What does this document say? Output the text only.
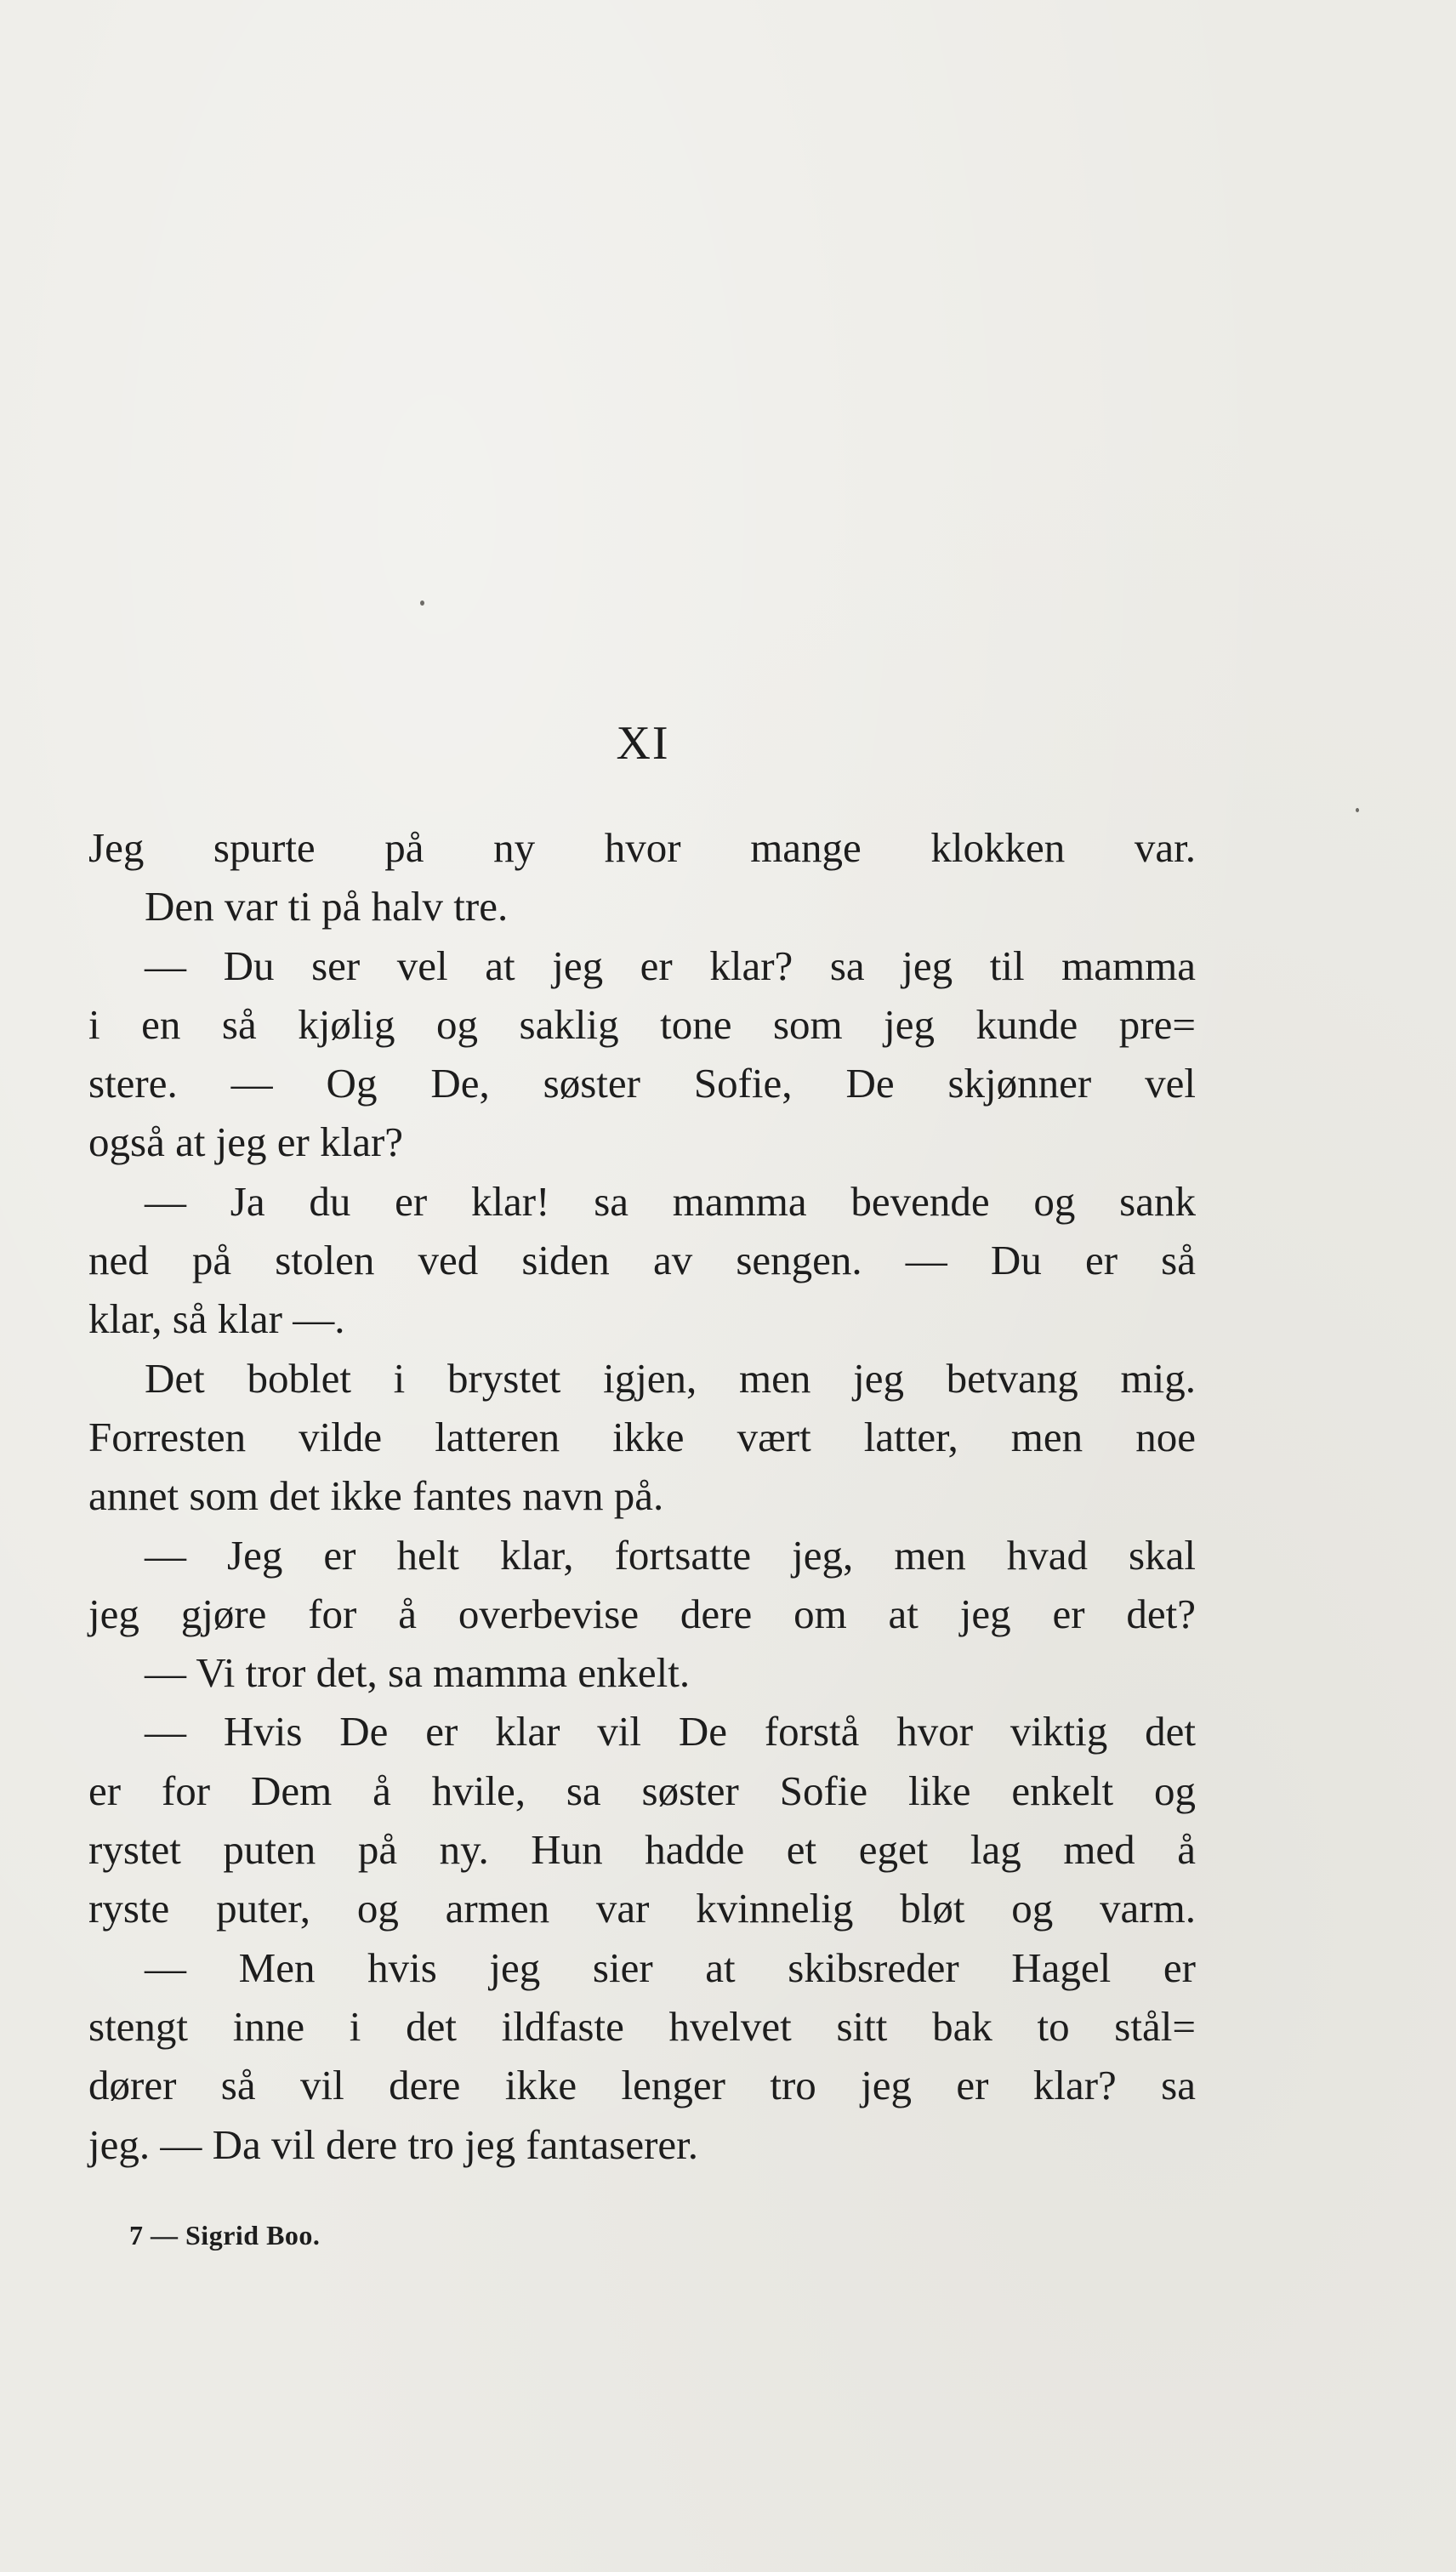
XI
Jeg spurte på ny hvor mange klokken var.
Den var ti på halv tre.
— Du ser vel at jeg er klar? sa jeg til mamma
i en så kjølig og saklig tone som jeg kunde pre=
stere. — Og De, søster Sofie, De skjønner vel
også at jeg er klar?
— Ja du er klar! sa mamma bevende og sank
ned på stolen ved siden av sengen. — Du er så
klar, så klar —.
Det boblet i brystet igjen, men jeg betvang mig.
Forresten vilde latteren ikke vært latter, men noe
annet som det ikke fantes navn på.
— Jeg er helt klar, fortsatte jeg, men hvad skal
jeg gjøre for å overbevise dere om at jeg er det?
— Vi tror det, sa mamma enkelt.
— Hvis De er klar vil De forstå hvor viktig det
er for Dem å hvile, sa søster Sofie like enkelt og
rystet puten på ny. Hun hadde et eget lag med å
ryste puter, og armen var kvinnelig bløt og varm.
— Men hvis jeg sier at skibsreder Hagel er
stengt inne i det ildfaste hvelvet sitt bak to stål=
dører så vil dere ikke lenger tro jeg er klar? sa
jeg. — Da vil dere tro jeg fantaserer.
7 — Sigrid Boo.
